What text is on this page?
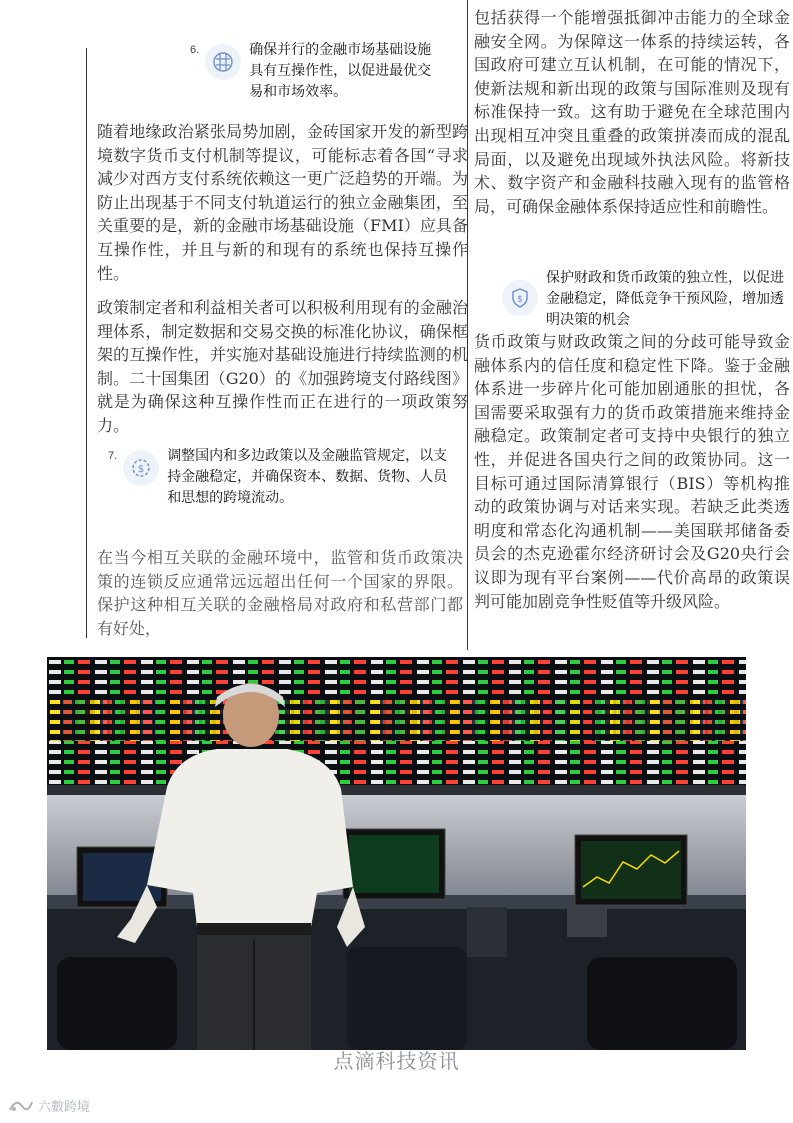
6.	确保并行的金融市场基础设施具有互操作性，以促进最优交易和市场效率。
随着地缘政治紧张局势加剧，金砖国家开发的新型跨境数字货币支付机制等提议，可能标志着各国“寻求减少对西方支付系统依赖这一更广泛趋势的开端。为防止出现基于不同支付轨道运行的独立金融集团，至关重要的是，新的金融市场基础设施（FMI）应具备互操作性，并且与新的和现有的系统也保持互操作性。
政策制定者和利益相关者可以积极利用现有的金融治理体系，制定数据和交易交换的标准化协议，确保框架的互操作性，并实施对基础设施进行持续监测的机制。二十国集团（G20）的《加强跨境支付路线图》就是为确保这种互操作性而正在进行的一项政策努力。
7.
$
调整国内和多边政策以及金融监管规定，以支持金融稳定，并确保资本、数据、货物、人员和思想的跨境流动。
在当今相互关联的金融环境中，监管和货币政策决策的连锁反应通常远远超出任何一个国家的界限。保护这种相互关联的金融格局对政府和私营部门都有好处，
包括获得一个能增强抵御冲击能力的全球金融安全网。为保障这一体系的持续运转，各国政府可建立互认机制，在可能的情况下，使新法规和新出现的政策与国际准则及现有标准保持一致。这有助于避免在全球范围内出现相互冲突且重叠的政策拼凑而成的混乱局面，以及避免出现域外执法风险。将新技术、数字资产和金融科技融入现有的监管格局，可确保金融体系保持适应性和前瞻性。
$
保护财政和货币政策的独立性，以促进金融稳定，降低竞争干预风险，增加透明决策的机会
货币政策与财政政策之间的分歧可能导致金融体系内的信任度和稳定性下降。鉴于金融体系进一步碎片化可能加剧通胀的担忧，各国需要采取强有力的货币政策措施来维持金融稳定。政策制定者可支持中央银行的独立性，并促进各国央行之间的政策协同。这一目标可通过国际清算银行（BIS）等机构推动的政策协调与对话来实现。若缺乏此类透明度和常态化沟通机制——美国联邦储备委员会的杰克逊霍尔经济研讨会及G20央行会议即为现有平台案例——代价高昂的政策误判可能加剧竞争性贬值等升级风险。
点滴科技资讯
六數跨境
